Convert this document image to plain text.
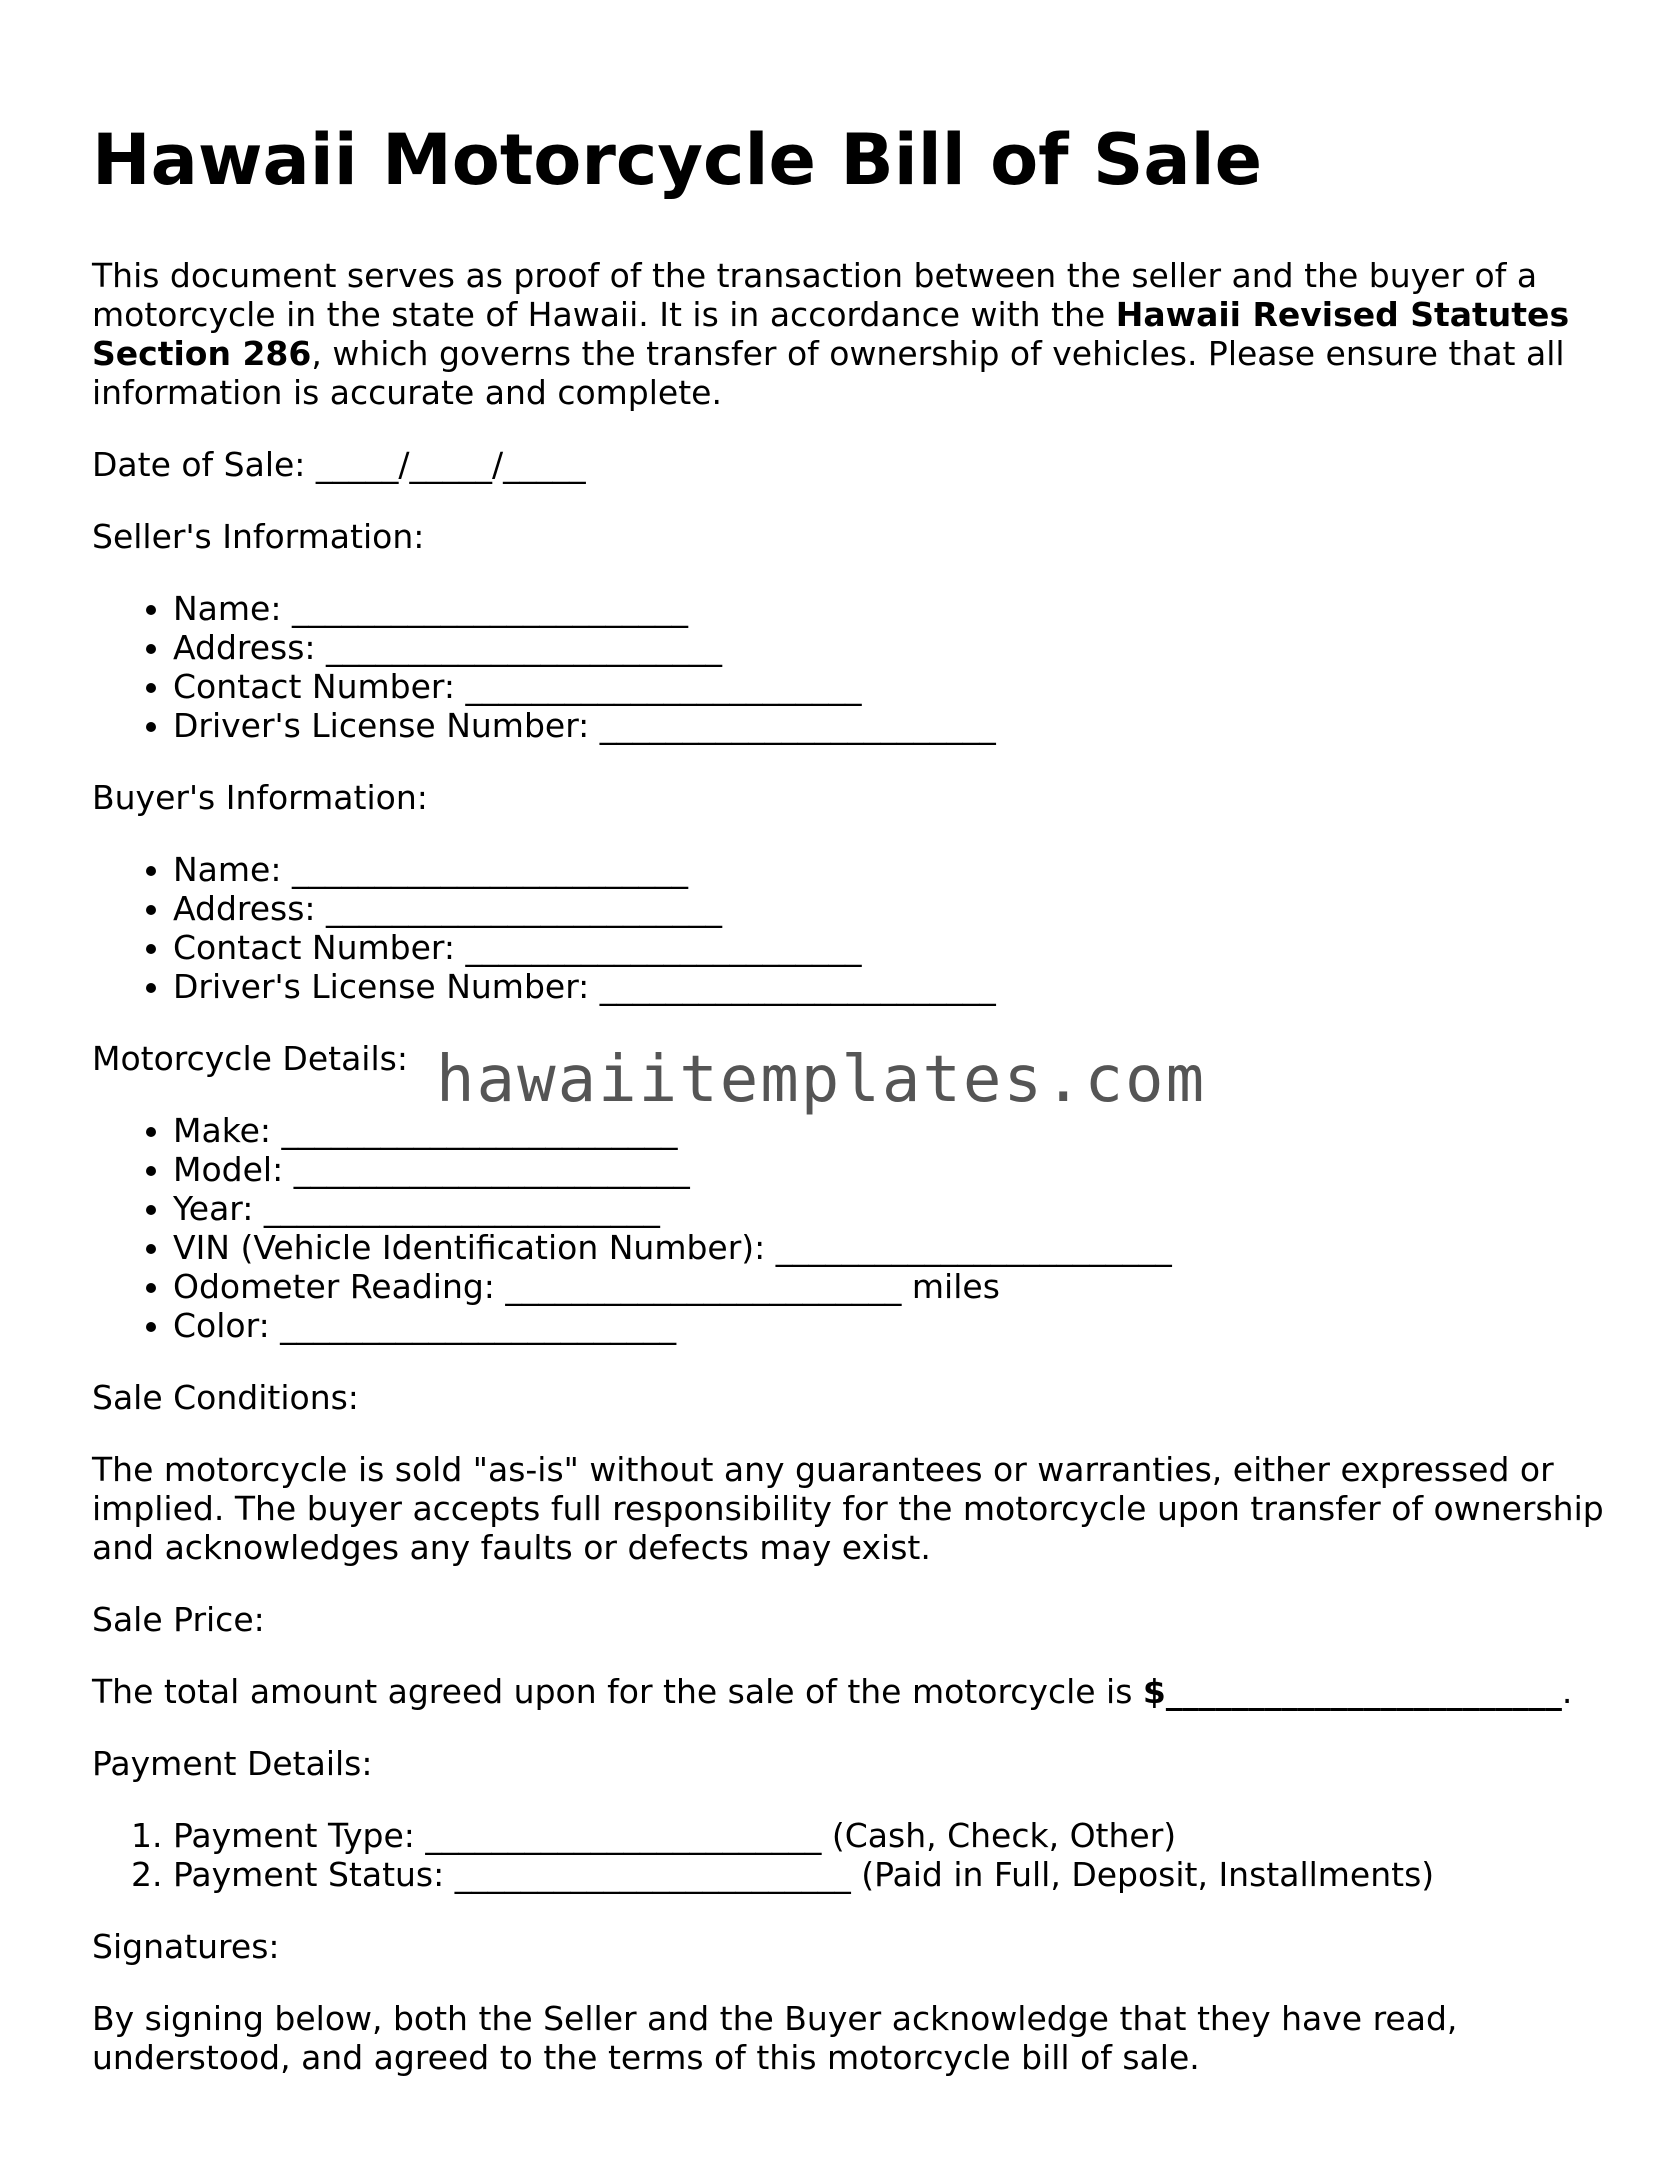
Hawaii Motorcycle Bill of Sale

This document serves as proof of the transaction between the seller and the buyer of a motorcycle in the state of Hawaii. It is in accordance with the Hawaii Revised Statutes Section 286, which governs the transfer of ownership of vehicles. Please ensure that all information is accurate and complete.

Date of Sale: _____/_____/_____

Seller's Information:

• Name: ________________________
• Address: ________________________
• Contact Number: ________________________
• Driver's License Number: ________________________

Buyer's Information:

• Name: ________________________
• Address: ________________________
• Contact Number: ________________________
• Driver's License Number: ________________________

Motorcycle Details:

• Make: ________________________
• Model: ________________________
• Year: ________________________
• VIN (Vehicle Identification Number): ________________________
• Odometer Reading: ________________________ miles
• Color: ________________________

Sale Conditions:

The motorcycle is sold "as-is" without any guarantees or warranties, either expressed or implied. The buyer accepts full responsibility for the motorcycle upon transfer of ownership and acknowledges any faults or defects may exist.

Sale Price:

The total amount agreed upon for the sale of the motorcycle is $________________________.

Payment Details:

1. Payment Type: ________________________ (Cash, Check, Other)
2. Payment Status: ________________________ (Paid in Full, Deposit, Installments)

Signatures:

By signing below, both the Seller and the Buyer acknowledge that they have read, understood, and agreed to the terms of this motorcycle bill of sale.

hawaiitemplates.com
